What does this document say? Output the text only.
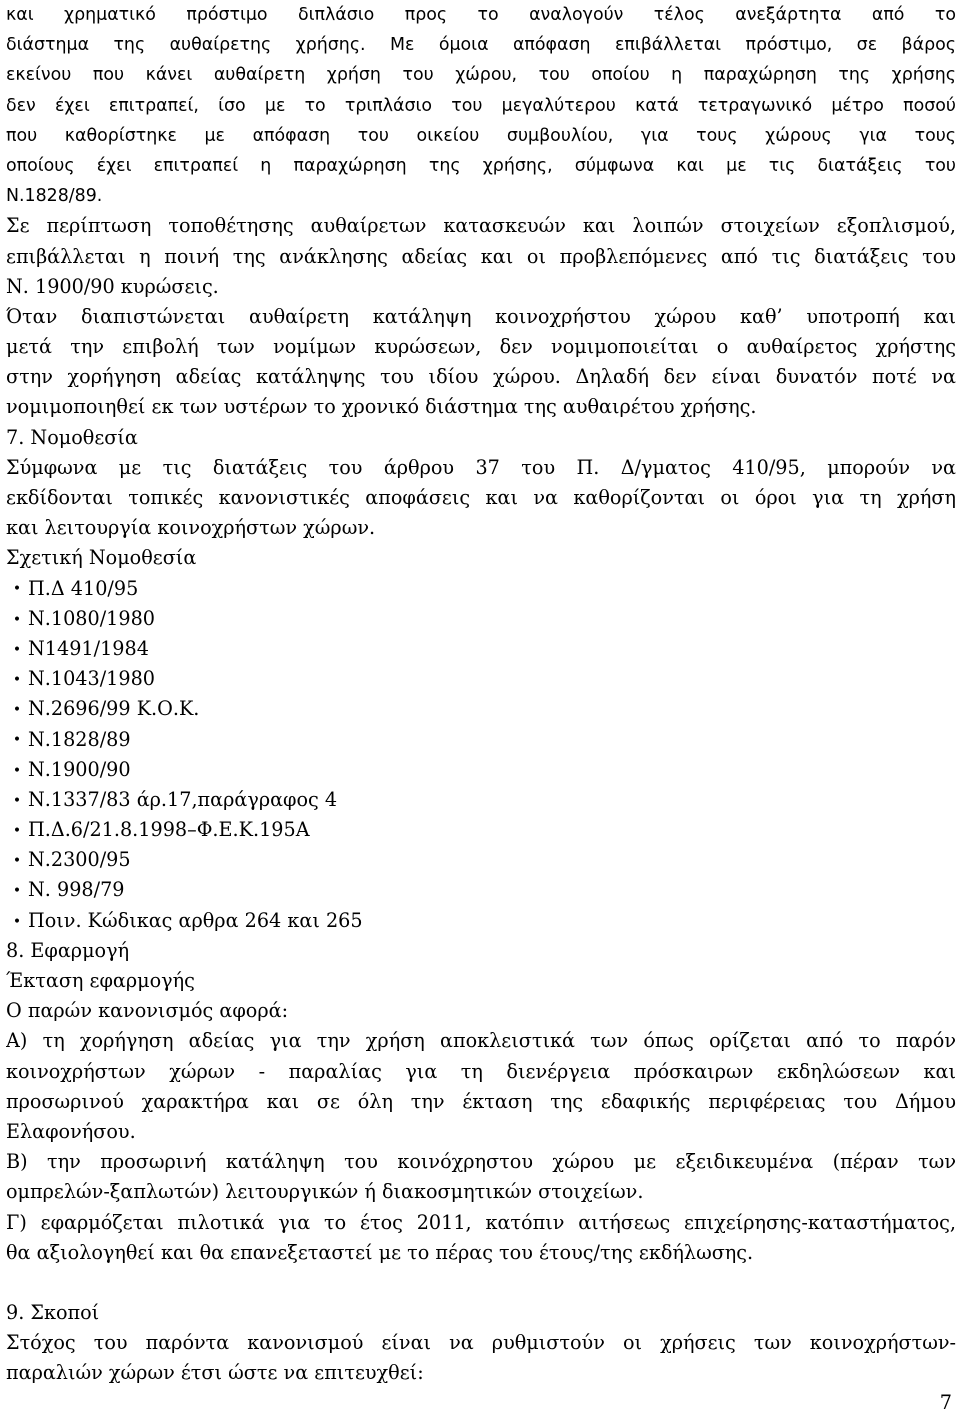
και χρηματικό πρόστιμο διπλάσιο προς το αναλογούν τέλος ανεξάρτητα από το
διάστημα της αυθαίρετης χρήσης. Με όμοια απόφαση επιβάλλεται πρόστιμο, σε βάρος
εκείνου που κάνει αυθαίρετη χρήση του χώρου, του οποίου η παραχώρηση της χρήσης
δεν έχει επιτραπεί, ίσο με το τριπλάσιο του μεγαλύτερου κατά τετραγωνικό μέτρο ποσού
που καθορίστηκε με απόφαση του οικείου συμβουλίου, για τους χώρους για τους
οποίους έχει επιτραπεί η παραχώρηση της χρήσης, σύμφωνα και με τις διατάξεις του
Ν.1828/89.
Σε περίπτωση τοποθέτησης αυθαίρετων κατασκευών και λοιπών στοιχείων εξοπλισμού,
επιβάλλεται η ποινή της ανάκλησης αδείας και οι προβλεπόμενες από τις διατάξεις του
Ν. 1900/90 κυρώσεις.
Όταν διαπιστώνεται αυθαίρετη κατάληψη κοινοχρήστου χώρου καθ’ υποτροπή και
μετά την επιβολή των νομίμων κυρώσεων, δεν νομιμοποιείται ο αυθαίρετος χρήστης
στην χορήγηση αδείας κατάληψης του ιδίου χώρου. Δηλαδή δεν είναι δυνατόν ποτέ να
νομιμοποιηθεί εκ των υστέρων το χρονικό διάστημα της αυθαιρέτου χρήσης.
7. Νομοθεσία
Σύμφωνα με τις διατάξεις του άρθρου 37 του Π. Δ/γματος 410/95, μπορούν να
εκδίδονται τοπικές κανονιστικές αποφάσεις και να καθορίζονται οι όροι για τη χρήση
και λειτουργία κοινοχρήστων χώρων.
Σχετική Νομοθεσία
• Π.Δ 410/95
• Ν.1080/1980
• Ν1491/1984
• Ν.1043/1980
• Ν.2696/99 Κ.Ο.Κ.
• Ν.1828/89
• Ν.1900/90
• Ν.1337/83 άρ.17,παράγραφος 4
• Π.Δ.6/21.8.1998–Φ.Ε.Κ.195Α
• Ν.2300/95
• Ν. 998/79
• Ποιν. Κώδικας αρθρα 264 και 265
8. Εφαρμογή
Έκταση εφαρμογής
Ο παρών κανονισμός αφορά:
Α) τη χορήγηση αδείας για την χρήση αποκλειστικά των όπως ορίζεται από το παρόν
κοινοχρήστων χώρων - παραλίας για τη διενέργεια πρόσκαιρων εκδηλώσεων και
προσωρινού χαρακτήρα και σε όλη την έκταση της εδαφικής περιφέρειας του Δήμου
Ελαφονήσου.
Β) την προσωρινή κατάληψη του κοινόχρηστου χώρου με εξειδικευμένα (πέραν των
ομπρελών-ξαπλωτών) λειτουργικών ή διακοσμητικών στοιχείων.
Γ) εφαρμόζεται πιλοτικά για το έτος 2011, κατόπιν αιτήσεως επιχείρησης-καταστήματος,
θα αξιολογηθεί και θα επανεξεταστεί με το πέρας του έτους/της εκδήλωσης.
9. Σκοποί
Στόχος του παρόντα κανονισμού είναι να ρυθμιστούν οι χρήσεις των κοινοχρήστων-
παραλιών χώρων έτσι ώστε να επιτευχθεί:
7
